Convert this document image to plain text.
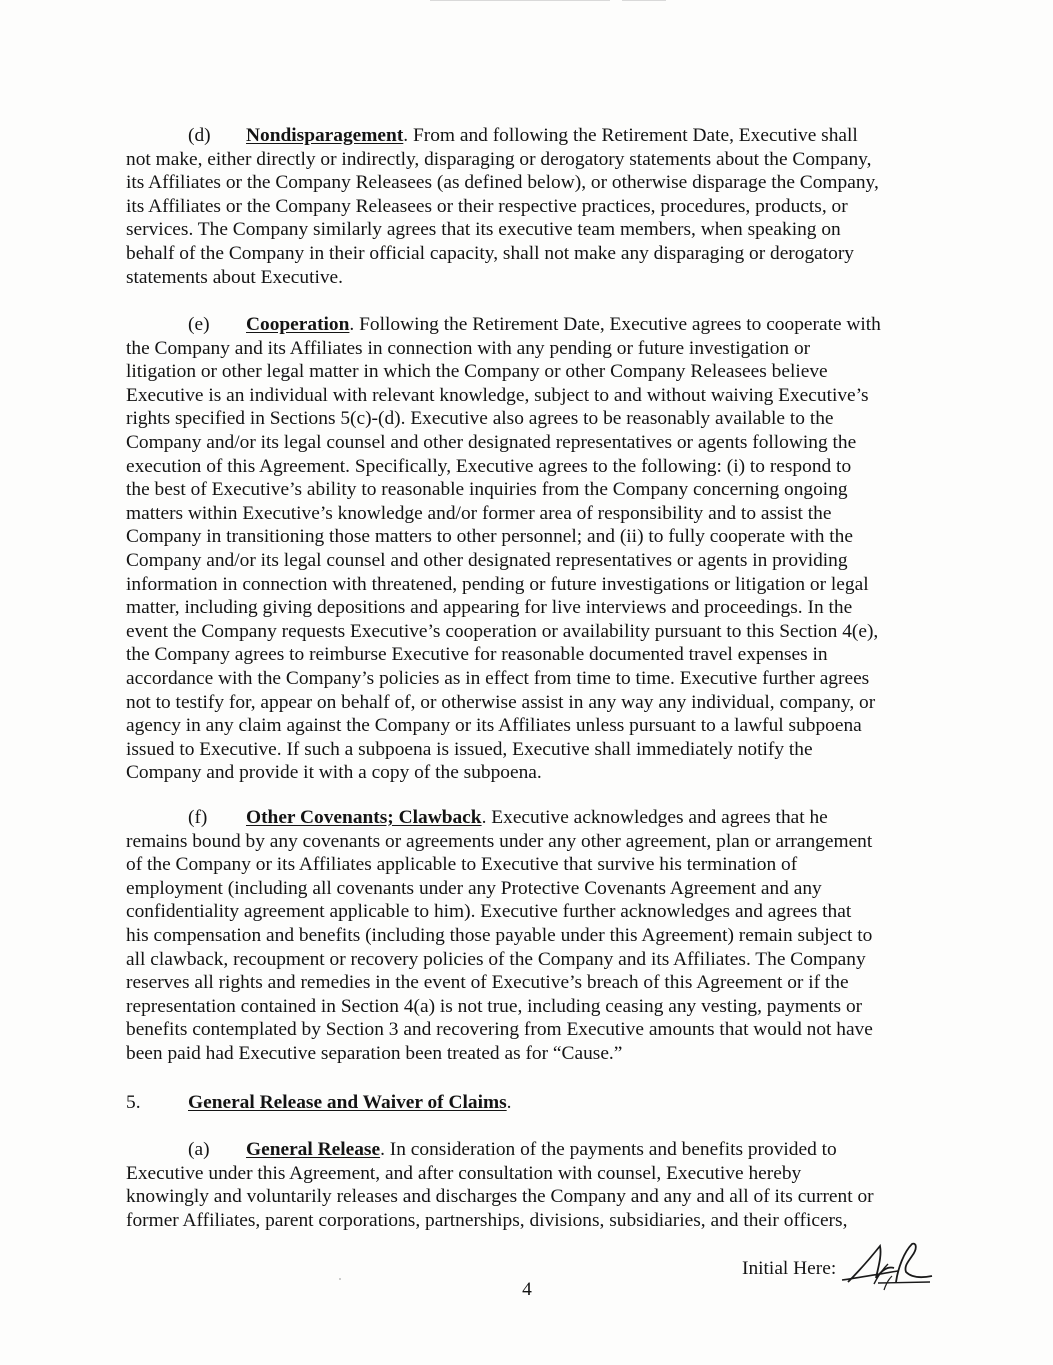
(d) Nondisparagement. From and following the Retirement Date, Executive shall
not make, either directly or indirectly, disparaging or derogatory statements about the Company,
its Affiliates or the Company Releasees (as defined below), or otherwise disparage the Company,
its Affiliates or the Company Releasees or their respective practices, procedures, products, or
services. The Company similarly agrees that its executive team members, when speaking on
behalf of the Company in their official capacity, shall not make any disparaging or derogatory
statements about Executive.
(e) Cooperation. Following the Retirement Date, Executive agrees to cooperate with
the Company and its Affiliates in connection with any pending or future investigation or
litigation or other legal matter in which the Company or other Company Releasees believe
Executive is an individual with relevant knowledge, subject to and without waiving Executive’s
rights specified in Sections 5(c)-(d). Executive also agrees to be reasonably available to the
Company and/or its legal counsel and other designated representatives or agents following the
execution of this Agreement. Specifically, Executive agrees to the following: (i) to respond to
the best of Executive’s ability to reasonable inquiries from the Company concerning ongoing
matters within Executive’s knowledge and/or former area of responsibility and to assist the
Company in transitioning those matters to other personnel; and (ii) to fully cooperate with the
Company and/or its legal counsel and other designated representatives or agents in providing
information in connection with threatened, pending or future investigations or litigation or legal
matter, including giving depositions and appearing for live interviews and proceedings. In the
event the Company requests Executive’s cooperation or availability pursuant to this Section 4(e),
the Company agrees to reimburse Executive for reasonable documented travel expenses in
accordance with the Company’s policies as in effect from time to time. Executive further agrees
not to testify for, appear on behalf of, or otherwise assist in any way any individual, company, or
agency in any claim against the Company or its Affiliates unless pursuant to a lawful subpoena
issued to Executive. If such a subpoena is issued, Executive shall immediately notify the
Company and provide it with a copy of the subpoena.
(f) Other Covenants; Clawback. Executive acknowledges and agrees that he
remains bound by any covenants or agreements under any other agreement, plan or arrangement
of the Company or its Affiliates applicable to Executive that survive his termination of
employment (including all covenants under any Protective Covenants Agreement and any
confidentiality agreement applicable to him). Executive further acknowledges and agrees that
his compensation and benefits (including those payable under this Agreement) remain subject to
all clawback, recoupment or recovery policies of the Company and its Affiliates. The Company
reserves all rights and remedies in the event of Executive’s breach of this Agreement or if the
representation contained in Section 4(a) is not true, including ceasing any vesting, payments or
benefits contemplated by Section 3 and recovering from Executive amounts that would not have
been paid had Executive separation been treated as for “Cause.”
5. General Release and Waiver of Claims.
(a) General Release. In consideration of the payments and benefits provided to
Executive under this Agreement, and after consultation with counsel, Executive hereby
knowingly and voluntarily releases and discharges the Company and any and all of its current or
former Affiliates, parent corporations, partnerships, divisions, subsidiaries, and their officers,
Initial Here:
4
